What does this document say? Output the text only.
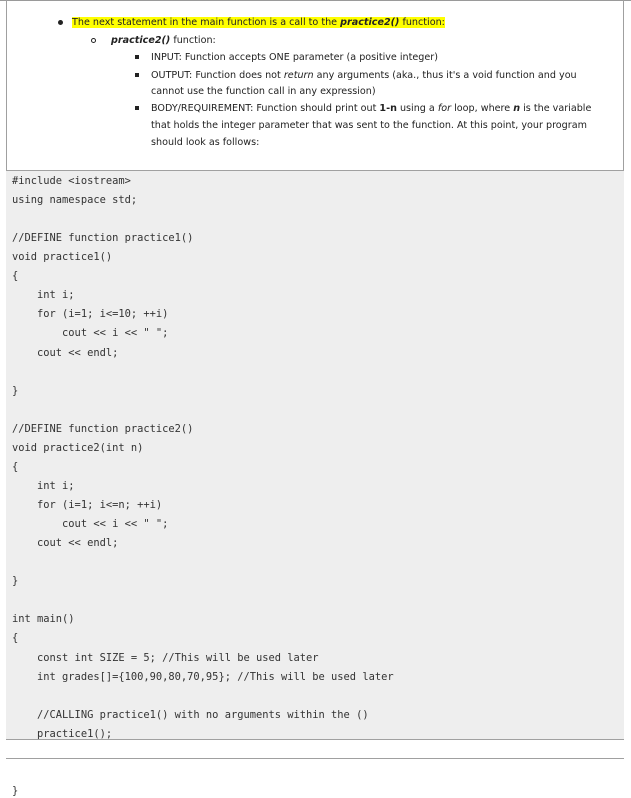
The next statement in the main function is a call to the practice2() function:
practice2() function:
INPUT: Function accepts ONE parameter (a positive integer)
OUTPUT: Function does not return any arguments (aka., thus it's a void function and you
cannot use the function call in any expression)
BODY/REQUIREMENT: Function should print out 1-n using a for loop, where n is the variable
that holds the integer parameter that was sent to the function. At this point, your program
should look as follows:
#include <iostream>
using namespace std;
//DEFINE function practice1()
void practice1()
{
int i;
for (i=1; i<=10; ++i)
cout << i << " ";
cout << endl;
}
//DEFINE function practice2()
void practice2(int n)
{
int i;
for (i=1; i<=n; ++i)
cout << i << " ";
cout << endl;
}
int main()
{
const int SIZE = 5; //This will be used later
int grades[]={100,90,80,70,95}; //This will be used later
//CALLING practice1() with no arguments within the ()
practice1();
}
